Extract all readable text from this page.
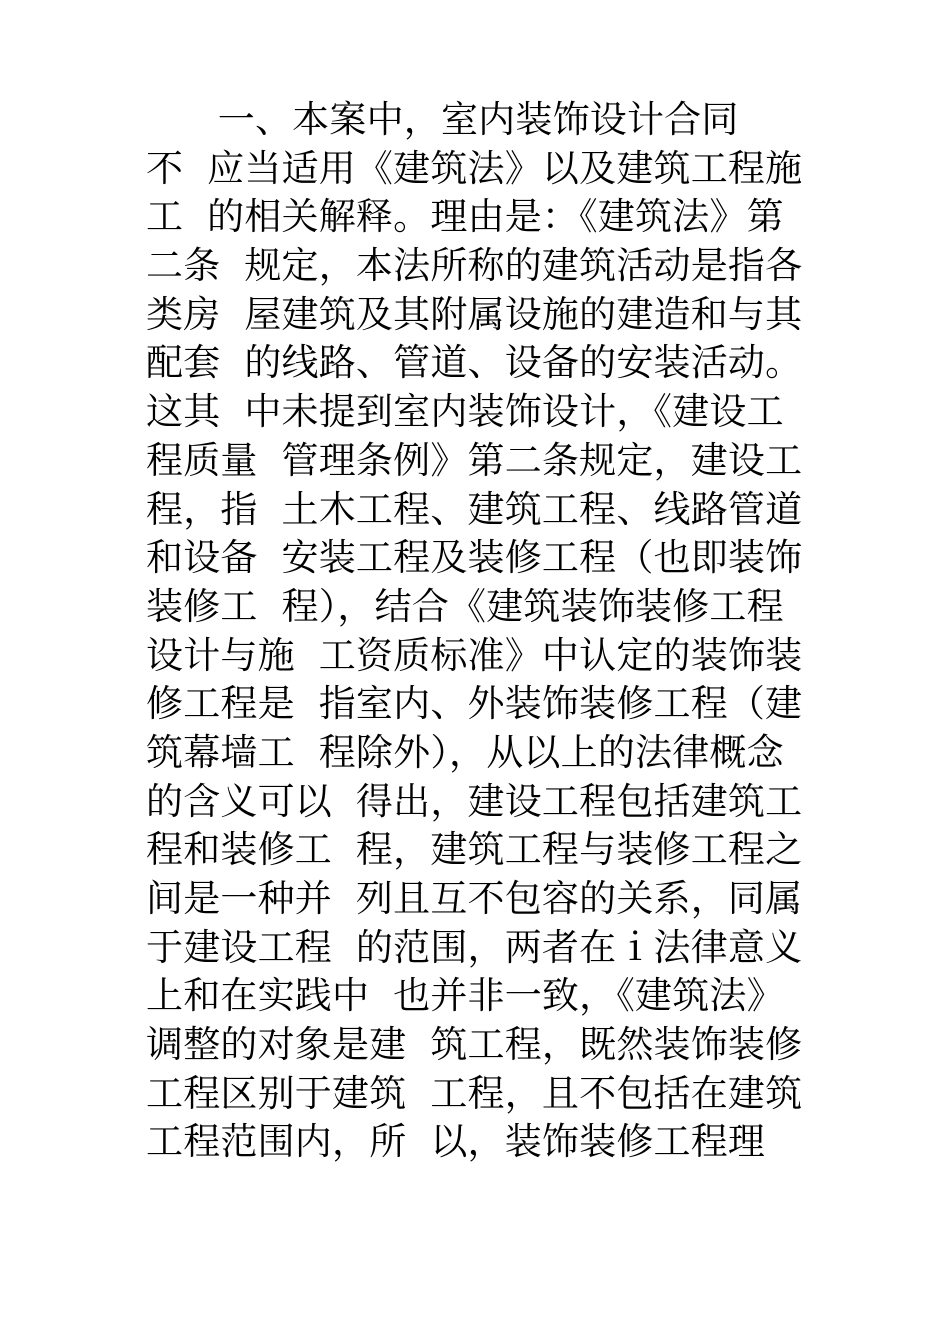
一、本案中，室内装饰设计合同
不  应当适用《建筑法》以及建筑工程施
工  的相关解释。理由是：《建筑法》第
二条  规定，本法所称的建筑活动是指各
类房  屋建筑及其附属设施的建造和与其
配套  的线路、管道、设备的安装活动。
这其  中未提到室内装饰设计，《建设工
程质量  管理条例》第二条规定，建设工
程，指  土木工程、建筑工程、线路管道
和设备  安装工程及装修工程（也即装饰
装修工  程），结合《建筑装饰装修工程
设计与施  工资质标准》中认定的装饰装
修工程是  指室内、外装饰装修工程（建
筑幕墙工  程除外），从以上的法律概念
的含义可以  得出，建设工程包括建筑工
程和装修工  程，建筑工程与装修工程之
间是一种并  列且互不包容的关系，同属
于建设工程  的范围，两者在ｉ法律意义
上和在实践中  也并非一致，《建筑法》
调整的对象是建  筑工程，既然装饰装修
工程区别于建筑  工程，且不包括在建筑
工程范围内，所  以，装饰装修工程理
